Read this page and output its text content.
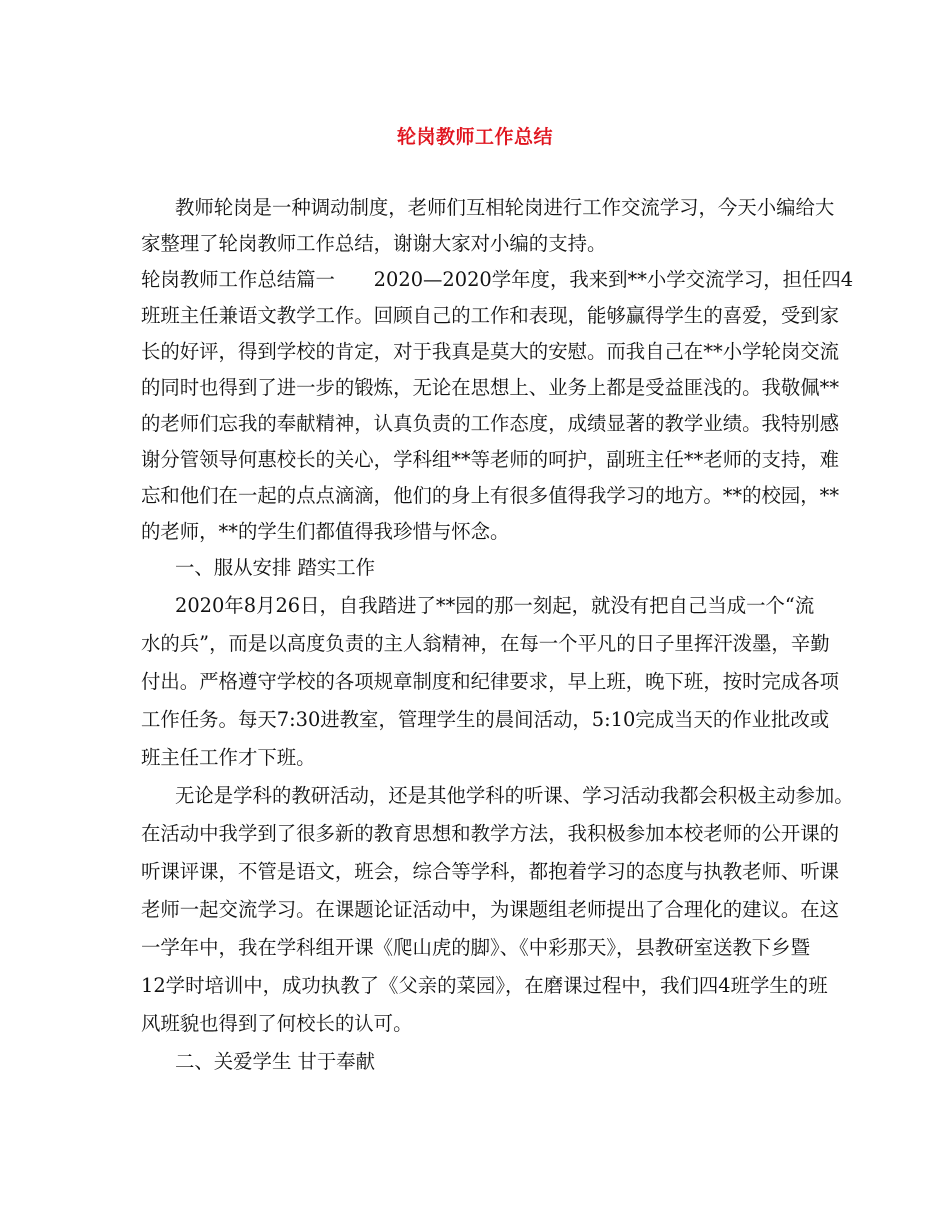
轮岗教师工作总结
教师轮岗是一种调动制度，老师们互相轮岗进行工作交流学习，今天小编给大
家整理了轮岗教师工作总结，谢谢大家对小编的支持。
轮岗教师工作总结篇一　　2020—2020学年度，我来到**小学交流学习，担任四4
班班主任兼语文教学工作。回顾自己的工作和表现，能够赢得学生的喜爱，受到家
长的好评，得到学校的肯定，对于我真是莫大的安慰。而我自己在**小学轮岗交流
的同时也得到了进一步的锻炼，无论在思想上、业务上都是受益匪浅的。我敬佩**
的老师们忘我的奉献精神，认真负责的工作态度，成绩显著的教学业绩。我特别感
谢分管领导何惠校长的关心，学科组**等老师的呵护，副班主任**老师的支持，难
忘和他们在一起的点点滴滴，他们的身上有很多值得我学习的地方。**的校园，**
的老师，**的学生们都值得我珍惜与怀念。
一、服从安排 踏实工作
2020年8月26日，自我踏进了**园的那一刻起，就没有把自己当成一个“流
水的兵”，而是以高度负责的主人翁精神，在每一个平凡的日子里挥汗泼墨，辛勤
付出。严格遵守学校的各项规章制度和纪律要求，早上班，晚下班，按时完成各项
工作任务。每天7:30进教室，管理学生的晨间活动，5:10完成当天的作业批改或
班主任工作才下班。
无论是学科的教研活动，还是其他学科的听课、学习活动我都会积极主动参加。
在活动中我学到了很多新的教育思想和教学方法，我积极参加本校老师的公开课的
听课评课，不管是语文，班会，综合等学科，都抱着学习的态度与执教老师、听课
老师一起交流学习。在课题论证活动中，为课题组老师提出了合理化的建议。在这
一学年中，我在学科组开课《爬山虎的脚》、《中彩那天》，县教研室送教下乡暨
12学时培训中，成功执教了《父亲的菜园》，在磨课过程中，我们四4班学生的班
风班貌也得到了何校长的认可。
二、关爱学生 甘于奉献
